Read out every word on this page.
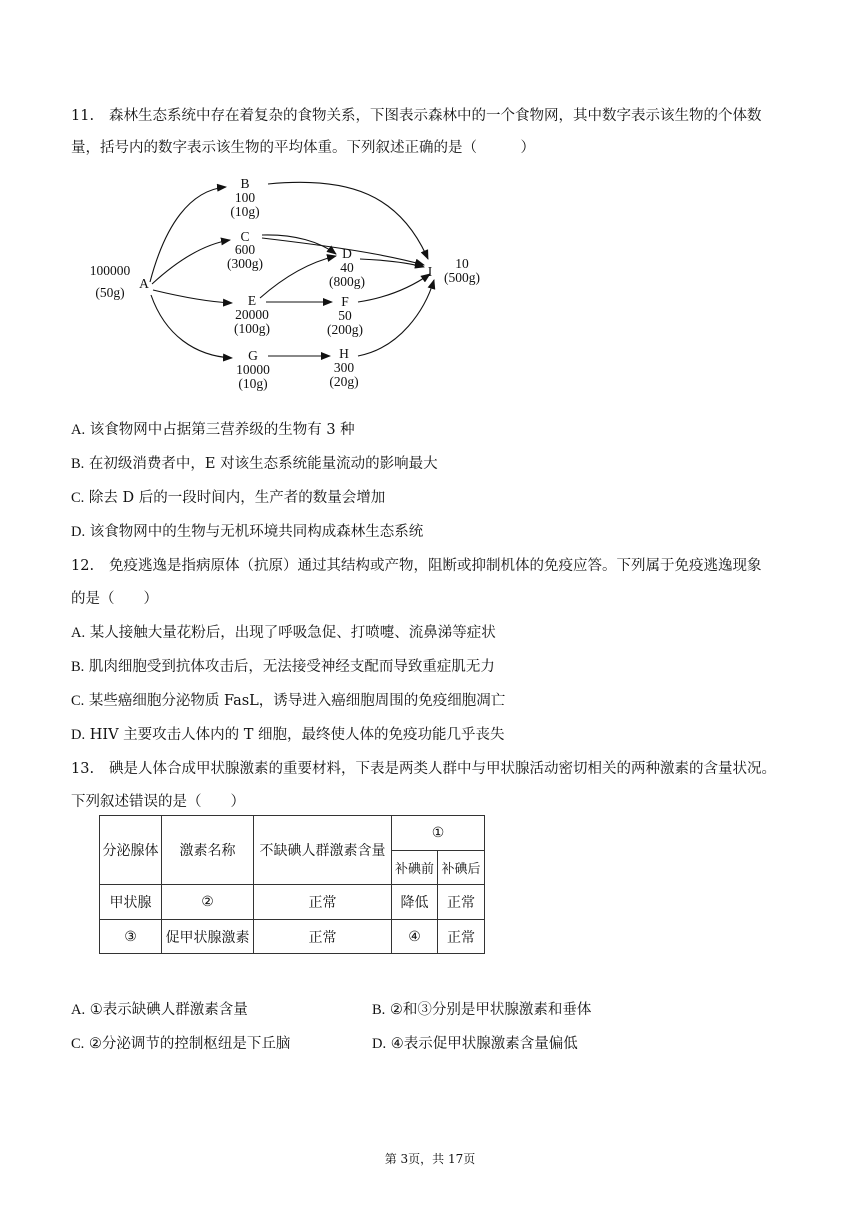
11. 森林生态系统中存在着复杂的食物关系，下图表示森林中的一个食物网，其中数字表示该生物的个体数
量，括号内的数字表示该生物的平均体重。下列叙述正确的是（　　　）
100000
(50g)
A
B
100
(10g)
C
600
(300g)
D
40
(800g)
E
20000
(100g)
F
50
(200g)
G
10000
(10g)
H
300
(20g)
I
10
(500g)
A. 该食物网中占据第三营养级的生物有 3 种
B. 在初级消费者中，E 对该生态系统能量流动的影响最大
C. 除去 D 后的一段时间内，生产者的数量会增加
D. 该食物网中的生物与无机环境共同构成森林生态系统
12. 免疫逃逸是指病原体（抗原）通过其结构或产物，阻断或抑制机体的免疫应答。下列属于免疫逃逸现象
的是（　　）
A. 某人接触大量花粉后，出现了呼吸急促、打喷嚏、流鼻涕等症状
B. 肌肉细胞受到抗体攻击后，无法接受神经支配而导致重症肌无力
C. 某些癌细胞分泌物质 FasL，诱导进入癌细胞周围的免疫细胞凋亡
D. HIV 主要攻击人体内的 T 细胞，最终使人体的免疫功能几乎丧失
13. 碘是人体合成甲状腺激素的重要材料，下表是两类人群中与甲状腺活动密切相关的两种激素的含量状况。
下列叙述错误的是（　　）
分泌腺体	激素名称	不缺碘人群激素含量	①	
			补碘前	补碘后
甲状腺	②	正常	降低	正常
③	促甲状腺激素	正常	④	正常
A. ①表示缺碘人群激素含量	B. ②和③分别是甲状腺激素和垂体
C. ②分泌调节的控制枢纽是下丘脑	D. ④表示促甲状腺激素含量偏低
第 3页，共 17页
